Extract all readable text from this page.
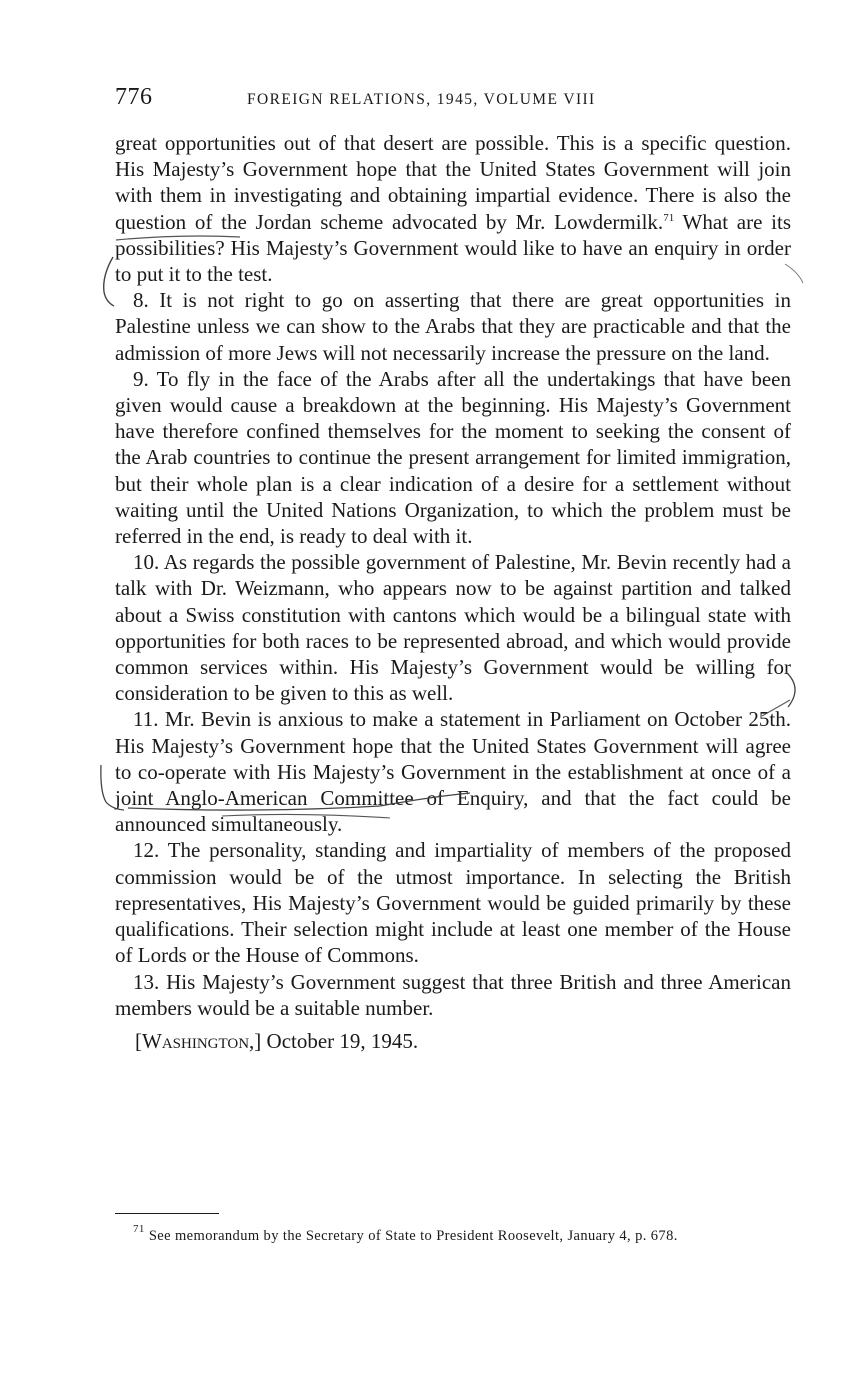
776	FOREIGN RELATIONS, 1945, VOLUME VIII

great opportunities out of that desert are possible. This is a specific question. His Majesty’s Government hope that the United States Government will join with them in investigating and obtaining impartial evidence. There is also the question of the Jordan scheme advocated by Mr. Lowdermilk.$^{71}$ What are its possibilities? His Majesty’s Government would like to have an enquiry in order to put it to the test.

8. It is not right to go on asserting that there are great opportunities in Palestine unless we can show to the Arabs that they are practicable and that the admission of more Jews will not necessarily increase the pressure on the land.

9. To fly in the face of the Arabs after all the undertakings that have been given would cause a breakdown at the beginning. His Majesty’s Government have therefore confined themselves for the moment to seeking the consent of the Arab countries to continue the present arrangement for limited immigration, but their whole plan is a clear indication of a desire for a settlement without waiting until the United Nations Organization, to which the problem must be referred in the end, is ready to deal with it.

10. As regards the possible government of Palestine, Mr. Bevin recently had a talk with Dr. Weizmann, who appears now to be against partition and talked about a Swiss constitution with cantons which would be a bilingual state with opportunities for both races to be represented abroad, and which would provide common services within. His Majesty’s Government would be willing for consideration to be given to this as well.

11. Mr. Bevin is anxious to make a statement in Parliament on October 25th. His Majesty’s Government hope that the United States Government will agree to co-operate with His Majesty’s Government in the establishment at once of a joint Anglo-American Committee of Enquiry, and that the fact could be announced simultaneously.

12. The personality, standing and impartiality of members of the proposed commission would be of the utmost importance. In selecting the British representatives, His Majesty’s Government would be guided primarily by these qualifications. Their selection might include at least one member of the House of Lords or the House of Commons.

13. His Majesty’s Government suggest that three British and three American members would be a suitable number.

[Washington,] October 19, 1945.

$^{71}$ See memorandum by the Secretary of State to President Roosevelt, January 4, p. 678.
